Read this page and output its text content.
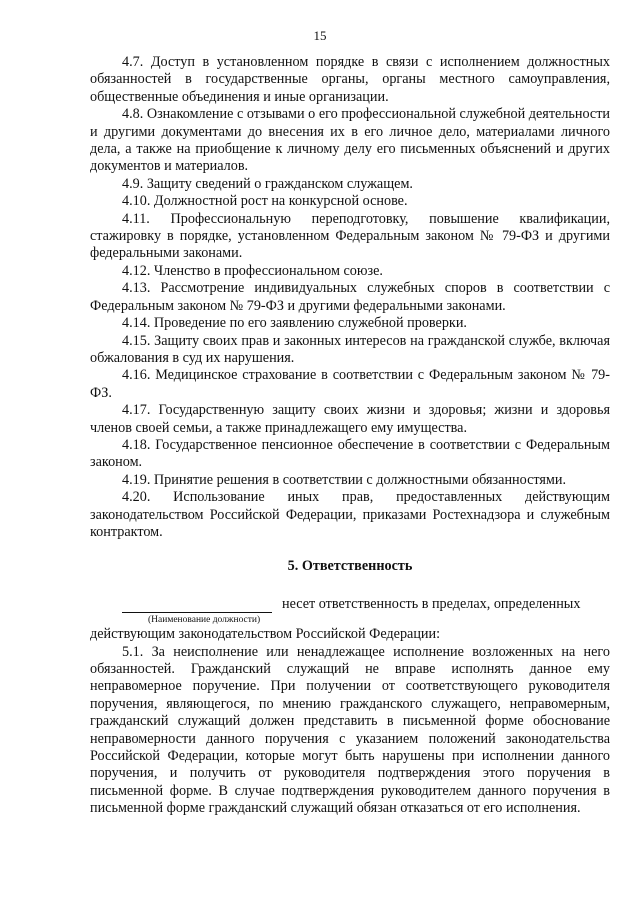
15

4.7. Доступ в установленном порядке в связи с исполнением должностных обязанностей в государственные органы, органы местного самоуправления, общественные объединения и иные организации.

4.8. Ознакомление с отзывами о его профессиональной служебной деятельности и другими документами до внесения их в его личное дело, материалами личного дела, а также на приобщение к личному делу его письменных объяснений и других документов и материалов.

4.9. Защиту сведений о гражданском служащем.

4.10. Должностной рост на конкурсной основе.

4.11. Профессиональную переподготовку, повышение квалификации, стажировку в порядке, установленном Федеральным законом № 79-ФЗ и другими федеральными законами.

4.12. Членство в профессиональном союзе.

4.13. Рассмотрение индивидуальных служебных споров в соответствии с Федеральным законом № 79-ФЗ и другими федеральными законами.

4.14. Проведение по его заявлению служебной проверки.

4.15. Защиту своих прав и законных интересов на гражданской службе, включая обжалования в суд их нарушения.

4.16. Медицинское страхование в соответствии с Федеральным законом № 79-ФЗ.

4.17. Государственную защиту своих жизни и здоровья; жизни и здоровья членов своей семьи, а также принадлежащего ему имущества.

4.18. Государственное пенсионное обеспечение в соответствии с Федеральным законом.

4.19. Принятие решения в соответствии с должностными обязанностями.

4.20. Использование иных прав, предоставленных действующим законодательством Российской Федерации, приказами Ростехнадзора и служебным контрактом.

5. Ответственность
несет ответственность в пределах, определенных
(Наименование должности)

действующим законодательством Российской Федерации:

5.1. За неисполнение или ненадлежащее исполнение возложенных на него обязанностей. Гражданский служащий не вправе исполнять данное ему неправомерное поручение. При получении от соответствующего руководителя поручения, являющегося, по мнению гражданского служащего, неправомерным, гражданский служащий должен представить в письменной форме обоснование неправомерности данного поручения с указанием положений законодательства Российской Федерации, которые могут быть нарушены при исполнении данного поручения, и получить от руководителя подтверждения этого поручения в письменной форме. В случае подтверждения руководителем данного поручения в письменной форме гражданский служащий обязан отказаться от его исполнения.
